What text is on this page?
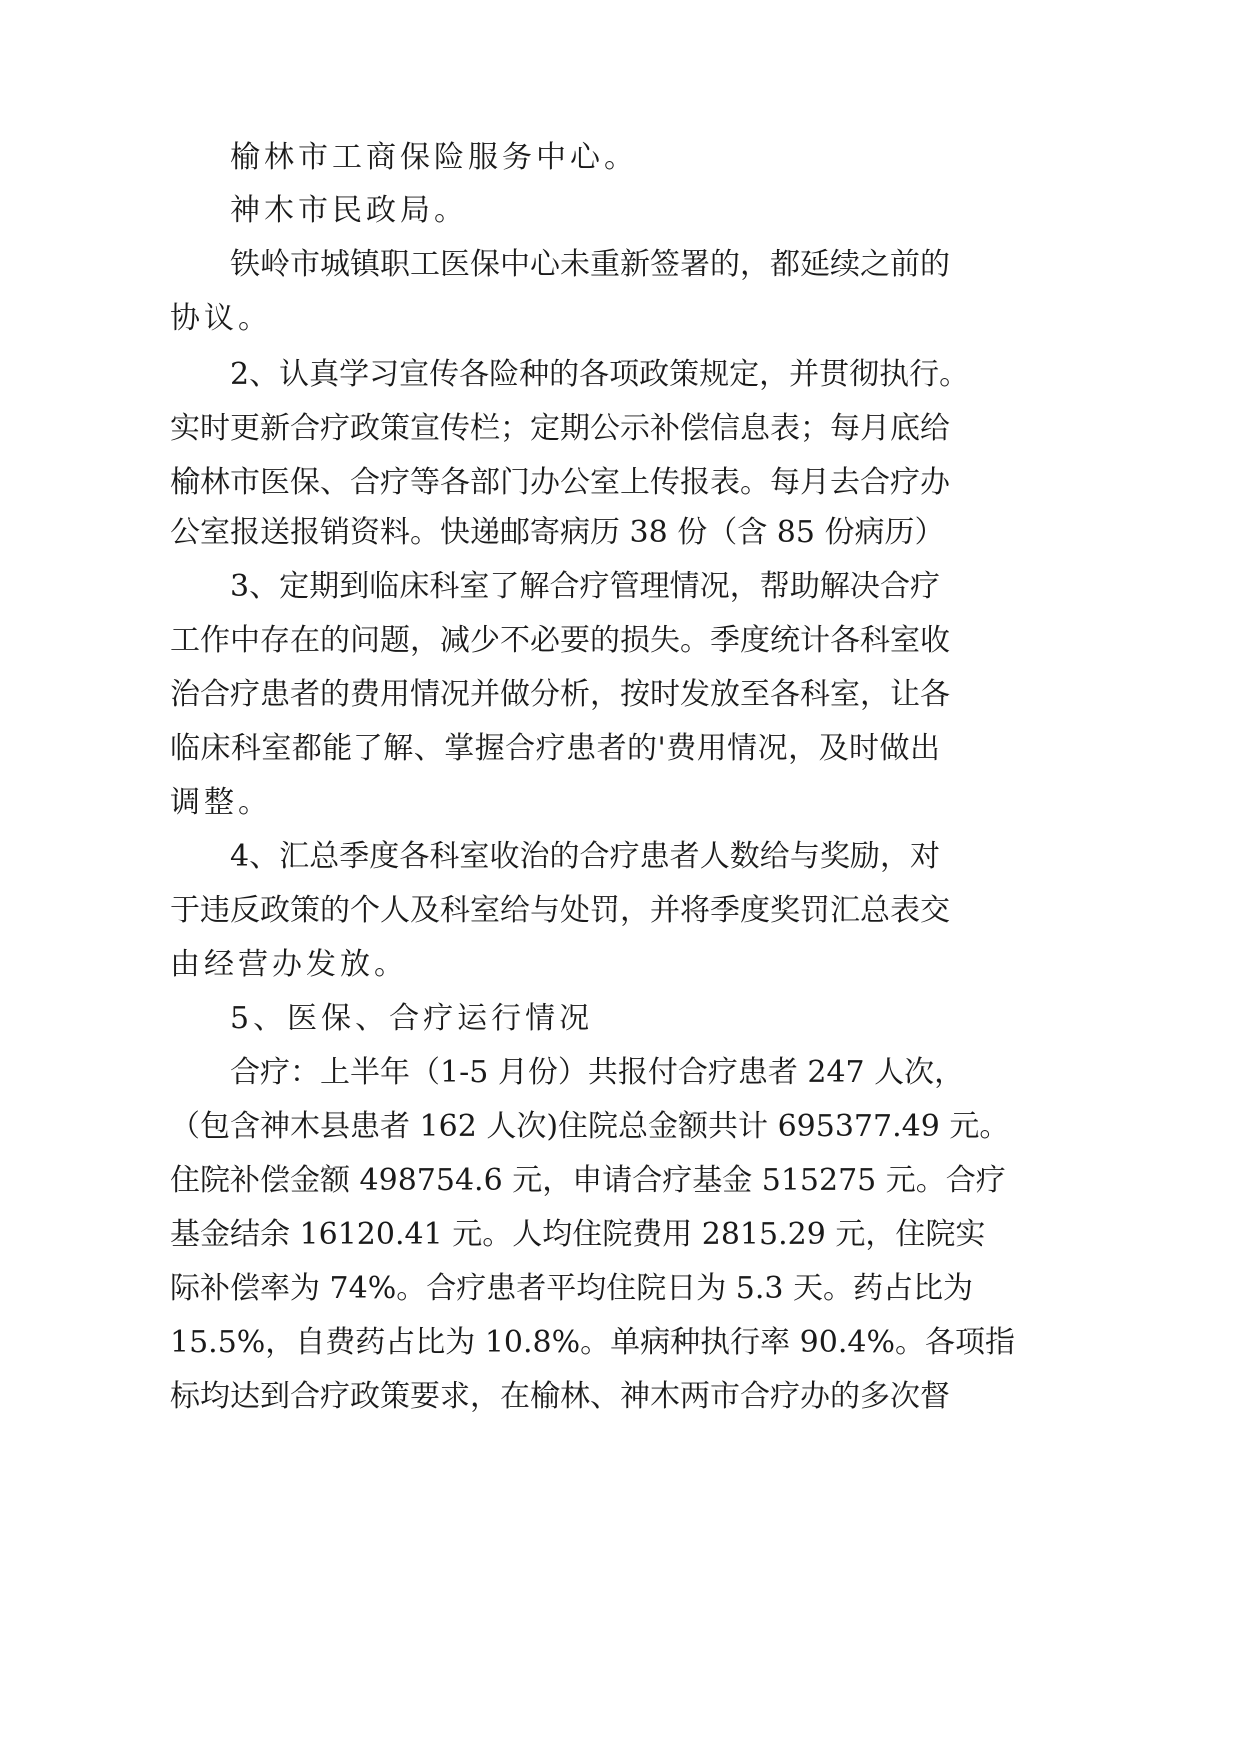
榆林市工商保险服务中心。
神木市民政局。
铁岭市城镇职工医保中心未重新签署的，都延续之前的
协议。
2、认真学习宣传各险种的各项政策规定，并贯彻执行。
实时更新合疗政策宣传栏；定期公示补偿信息表；每月底给
榆林市医保、合疗等各部门办公室上传报表。每月去合疗办
公室报送报销资料。快递邮寄病历 38 份（含 85 份病历）
3、定期到临床科室了解合疗管理情况，帮助解决合疗
工作中存在的问题，减少不必要的损失。季度统计各科室收
治合疗患者的费用情况并做分析，按时发放至各科室，让各
临床科室都能了解、掌握合疗患者的'费用情况，及时做出
调整。
4、汇总季度各科室收治的合疗患者人数给与奖励，对
于违反政策的个人及科室给与处罚，并将季度奖罚汇总表交
由经营办发放。
5、医保、合疗运行情况
合疗：上半年（1-5 月份）共报付合疗患者 247 人次，
（包含神木县患者 162 人次)住院总金额共计 695377.49 元。
住院补偿金额 498754.6 元，申请合疗基金 515275 元。合疗
基金结余 16120.41 元。人均住院费用 2815.29 元，住院实
际补偿率为 74%。合疗患者平均住院日为 5.3 天。药占比为
15.5%，自费药占比为 10.8%。单病种执行率 90.4%。各项指
标均达到合疗政策要求，在榆林、神木两市合疗办的多次督
